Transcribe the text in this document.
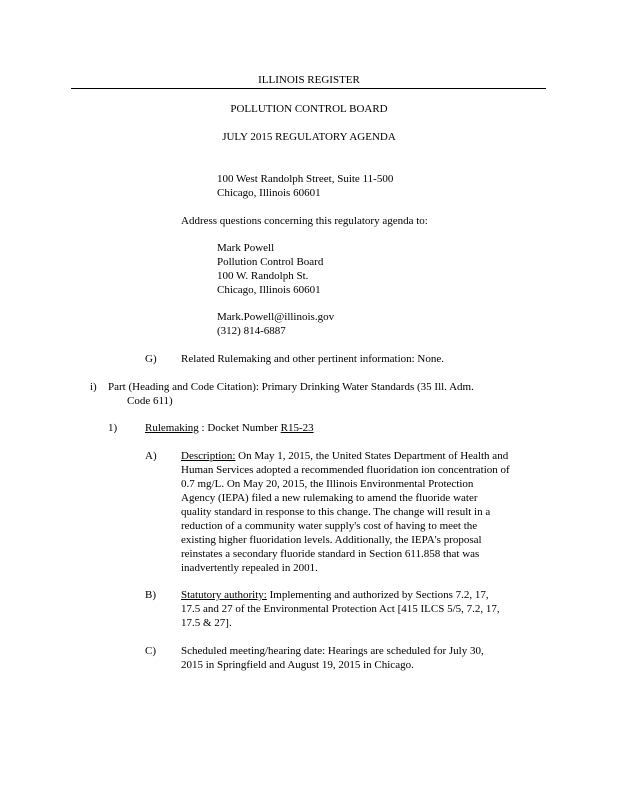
ILLINOIS REGISTER
POLLUTION CONTROL BOARD
JULY 2015 REGULATORY AGENDA
100 West Randolph Street, Suite 11-500
Chicago, Illinois 60601
Address questions concerning this regulatory agenda to:
Mark Powell
Pollution Control Board
100 W. Randolph St.
Chicago, Illinois 60601
Mark.Powell@illinois.gov
(312) 814-6887
G) Related Rulemaking and other pertinent information: None.
i) Part (Heading and Code Citation): Primary Drinking Water Standards (35 Ill. Adm.
Code 611)
1)	Rulemaking : Docket Number R15-23
A) Description: On May 1, 2015, the United States Department of Health and
Human Services adopted a recommended fluoridation ion concentration of
0.7 mg/L. On May 20, 2015, the Illinois Environmental Protection
Agency (IEPA) filed a new rulemaking to amend the fluoride water
quality standard in response to this change. The change will result in a
reduction of a community water supply's cost of having to meet the
existing higher fluoridation levels. Additionally, the IEPA's proposal
reinstates a secondary fluoride standard in Section 611.858 that was
inadvertently repealed in 2001.
B) Statutory authority: Implementing and authorized by Sections 7.2, 17,
17.5 and 27 of the Environmental Protection Act [415 ILCS 5/5, 7.2, 17,
17.5 & 27].
C) Scheduled meeting/hearing date: Hearings are scheduled for July 30,
2015 in Springfield and August 19, 2015 in Chicago.
